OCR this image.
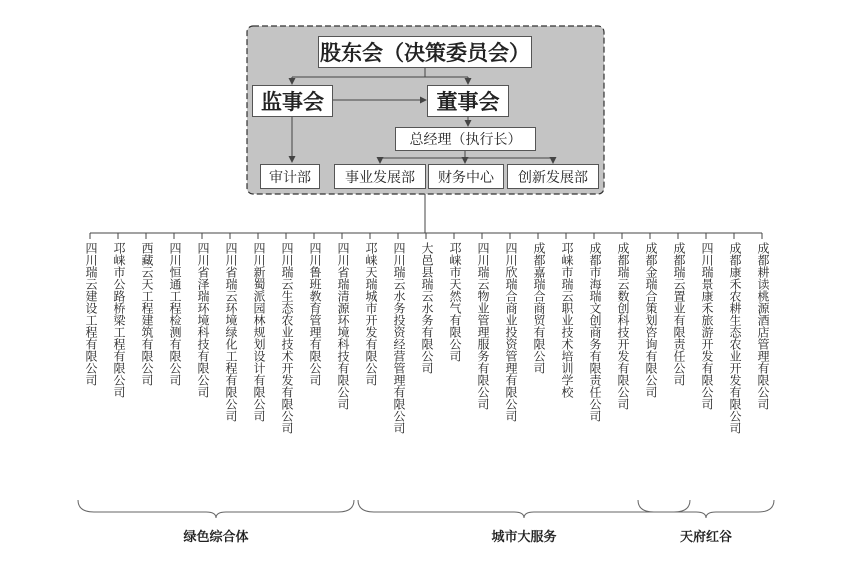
股东会（决策委员会）
监事会	董事会
总经理（执行长）
审计部	事业发展部	财务中心	创新发展部
四川瑞云建设工程有限公司 邛崃市公路桥梁工程有限公司 西藏云天工程建筑有限公司 四川恒通工程检测有限公司 四川省泽瑞环境科技有限公司 四川省瑞云环境绿化工程有限公司 四川新蜀派园林规划设计有限公司 四川瑞云生态农业技术开发有限公司 四川鲁班教育管理有限公司 四川省瑞清源环境科技有限公司 邛崃天瑞城市开发有限公司 四川瑞云水务投资经营管理有限公司 大邑县瑞云水务有限公司 邛崃市天然气有限公司 四川瑞云物业管理服务有限公司 四川欣瑞合商业投资管理有限公司 成都嘉瑞合商贸有限公司 邛崃市瑞云职业技术培训学校 成都市海瑞文创商务有限责任公司 成都瑞云数创科技开发有限公司 成都金瑞合策划咨询有限公司 成都瑞云置业有限责任公司 四川瑞景康禾旅游开发有限公司 成都康禾农耕生态农业开发有限公司 成都耕读桃源酒店管理有限公司
绿色综合体	城市大服务	天府红谷
